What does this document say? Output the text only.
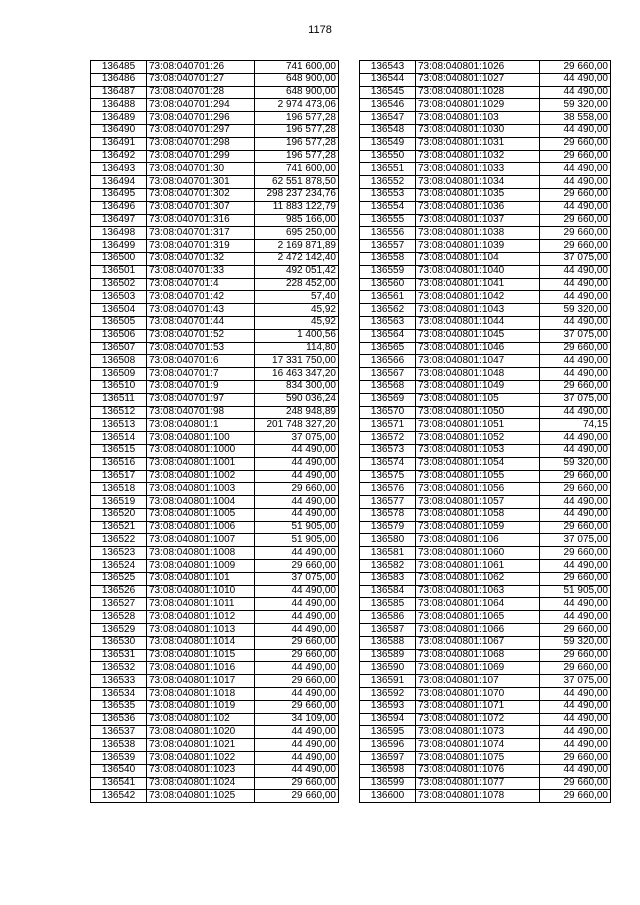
1178
136485	73:08:040701:26	741 600,00
136486	73:08:040701:27	648 900,00
136487	73:08:040701:28	648 900,00
136488	73:08:040701:294	2 974 473,06
136489	73:08:040701:296	196 577,28
136490	73:08:040701:297	196 577,28
136491	73:08:040701:298	196 577,28
136492	73:08:040701:299	196 577,28
136493	73:08:040701:30	741 600,00
136494	73:08:040701:301	62 551 878,50
136495	73:08:040701:302	298 237 234,76
136496	73:08:040701:307	11 883 122,79
136497	73:08:040701:316	985 166,00
136498	73:08:040701:317	695 250,00
136499	73:08:040701:319	2 169 871,89
136500	73:08:040701:32	2 472 142,40
136501	73:08:040701:33	492 051,42
136502	73:08:040701:4	228 452,00
136503	73:08:040701:42	57,40
136504	73:08:040701:43	45,92
136505	73:08:040701:44	45,92
136506	73:08:040701:52	1 400,56
136507	73:08:040701:53	114,80
136508	73:08:040701:6	17 331 750,00
136509	73:08:040701:7	16 463 347,20
136510	73:08:040701:9	834 300,00
136511	73:08:040701:97	590 036,24
136512	73:08:040701:98	248 948,89
136513	73:08:040801:1	201 748 327,20
136514	73:08:040801:100	37 075,00
136515	73:08:040801:1000	44 490,00
136516	73:08:040801:1001	44 490,00
136517	73:08:040801:1002	44 490,00
136518	73:08:040801:1003	29 660,00
136519	73:08:040801:1004	44 490,00
136520	73:08:040801:1005	44 490,00
136521	73:08:040801:1006	51 905,00
136522	73:08:040801:1007	51 905,00
136523	73:08:040801:1008	44 490,00
136524	73:08:040801:1009	29 660,00
136525	73:08:040801:101	37 075,00
136526	73:08:040801:1010	44 490,00
136527	73:08:040801:1011	44 490,00
136528	73:08:040801:1012	44 490,00
136529	73:08:040801:1013	44 490,00
136530	73:08:040801:1014	29 660,00
136531	73:08:040801:1015	29 660,00
136532	73:08:040801:1016	44 490,00
136533	73:08:040801:1017	29 660,00
136534	73:08:040801:1018	44 490,00
136535	73:08:040801:1019	29 660,00
136536	73:08:040801:102	34 109,00
136537	73:08:040801:1020	44 490,00
136538	73:08:040801:1021	44 490,00
136539	73:08:040801:1022	44 490,00
136540	73:08:040801:1023	44 490,00
136541	73:08:040801:1024	29 660,00
136542	73:08:040801:1025	29 660,00
136543	73:08:040801:1026	29 660,00
136544	73:08:040801:1027	44 490,00
136545	73:08:040801:1028	44 490,00
136546	73:08:040801:1029	59 320,00
136547	73:08:040801:103	38 558,00
136548	73:08:040801:1030	44 490,00
136549	73:08:040801:1031	29 660,00
136550	73:08:040801:1032	29 660,00
136551	73:08:040801:1033	44 490,00
136552	73:08:040801:1034	44 490,00
136553	73:08:040801:1035	29 660,00
136554	73:08:040801:1036	44 490,00
136555	73:08:040801:1037	29 660,00
136556	73:08:040801:1038	29 660,00
136557	73:08:040801:1039	29 660,00
136558	73:08:040801:104	37 075,00
136559	73:08:040801:1040	44 490,00
136560	73:08:040801:1041	44 490,00
136561	73:08:040801:1042	44 490,00
136562	73:08:040801:1043	59 320,00
136563	73:08:040801:1044	44 490,00
136564	73:08:040801:1045	37 075,00
136565	73:08:040801:1046	29 660,00
136566	73:08:040801:1047	44 490,00
136567	73:08:040801:1048	44 490,00
136568	73:08:040801:1049	29 660,00
136569	73:08:040801:105	37 075,00
136570	73:08:040801:1050	44 490,00
136571	73:08:040801:1051	74,15
136572	73:08:040801:1052	44 490,00
136573	73:08:040801:1053	44 490,00
136574	73:08:040801:1054	59 320,00
136575	73:08:040801:1055	29 660,00
136576	73:08:040801:1056	29 660,00
136577	73:08:040801:1057	44 490,00
136578	73:08:040801:1058	44 490,00
136579	73:08:040801:1059	29 660,00
136580	73:08:040801:106	37 075,00
136581	73:08:040801:1060	29 660,00
136582	73:08:040801:1061	44 490,00
136583	73:08:040801:1062	29 660,00
136584	73:08:040801:1063	51 905,00
136585	73:08:040801:1064	44 490,00
136586	73:08:040801:1065	44 490,00
136587	73:08:040801:1066	29 660,00
136588	73:08:040801:1067	59 320,00
136589	73:08:040801:1068	29 660,00
136590	73:08:040801:1069	29 660,00
136591	73:08:040801:107	37 075,00
136592	73:08:040801:1070	44 490,00
136593	73:08:040801:1071	44 490,00
136594	73:08:040801:1072	44 490,00
136595	73:08:040801:1073	44 490,00
136596	73:08:040801:1074	44 490,00
136597	73:08:040801:1075	29 660,00
136598	73:08:040801:1076	44 490,00
136599	73:08:040801:1077	29 660,00
136600	73:08:040801:1078	29 660,00
